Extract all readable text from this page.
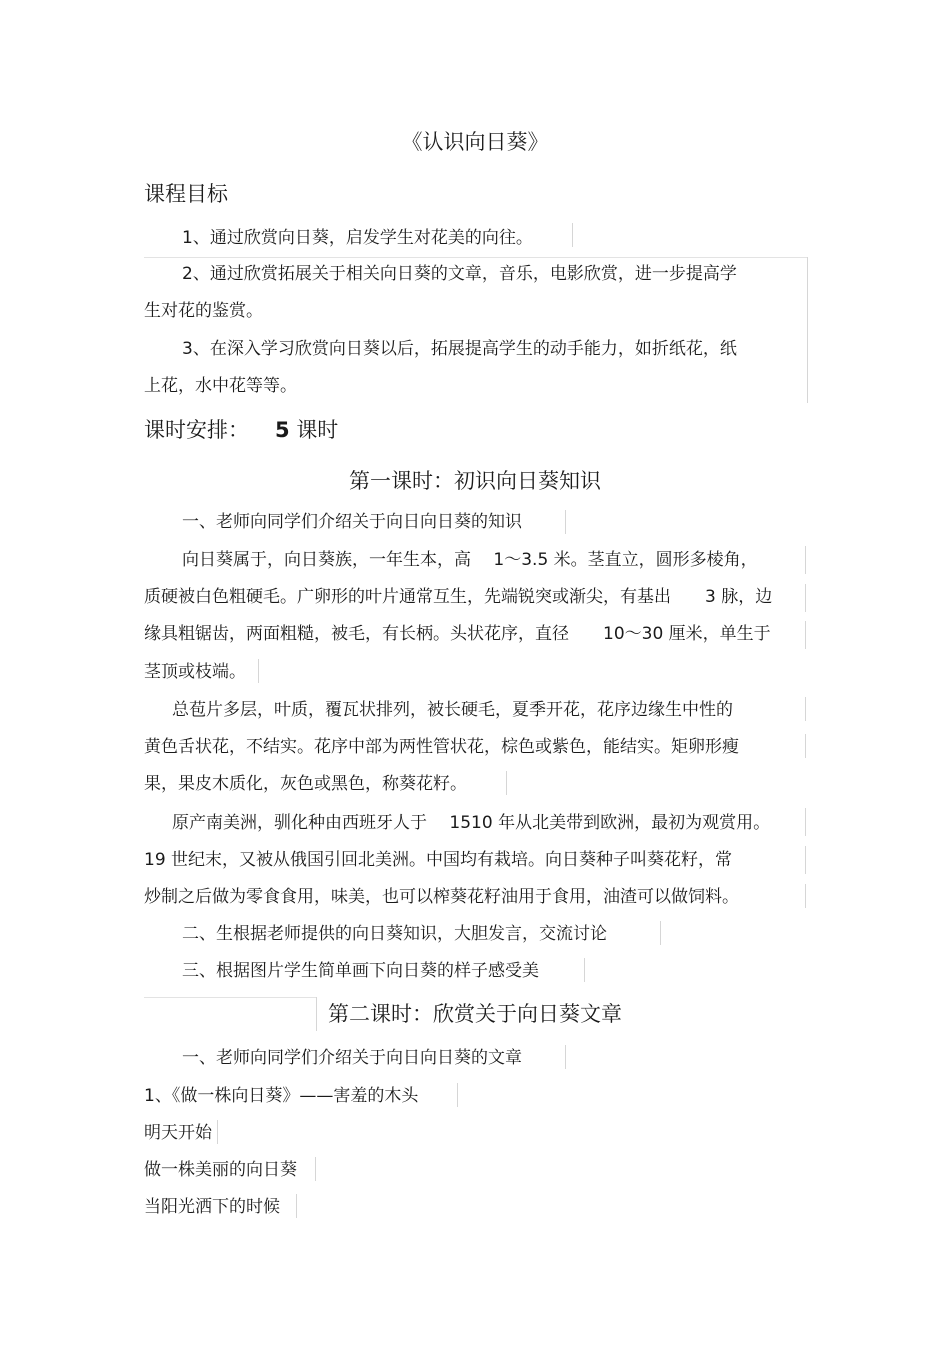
《认识向日葵》
课程目标
1、通过欣赏向日葵，启发学生对花美的向往。
2、通过欣赏拓展关于相关向日葵的文章，音乐，电影欣赏，进一步提高学
生对花的鉴赏。
3、在深入学习欣赏向日葵以后，拓展提高学生的动手能力，如折纸花，纸
上花，水中花等等。
课时安排： 5 课时
第一课时：初识向日葵知识
一、老师向同学们介绍关于向日向日葵的知识
向日葵属于，向日葵族，一年生本，高　 1～3.5 米。茎直立，圆形多棱角，
质硬被白色粗硬毛。广卵形的叶片通常互生，先端锐突或渐尖，有基出　　3 脉，边
缘具粗锯齿，两面粗糙，被毛，有长柄。头状花序，直径　　10～30 厘米，单生于
茎顶或枝端。
总苞片多层，叶质，覆瓦状排列，被长硬毛，夏季开花，花序边缘生中性的
黄色舌状花，不结实。花序中部为两性管状花，棕色或紫色，能结实。矩卵形瘦
果，果皮木质化，灰色或黑色，称葵花籽。
原产南美洲，驯化种由西班牙人于　 1510 年从北美带到欧洲，最初为观赏用。
19 世纪末，又被从俄国引回北美洲。中国均有栽培。向日葵种子叫葵花籽，常
炒制之后做为零食食用，味美，也可以榨葵花籽油用于食用，油渣可以做饲料。
二、生根据老师提供的向日葵知识，大胆发言，交流讨论
三、根据图片学生简单画下向日葵的样子感受美
第二课时：欣赏关于向日葵文章
一、老师向同学们介绍关于向日向日葵的文章
1、《做一株向日葵》——害羞的木头
明天开始
做一株美丽的向日葵
当阳光洒下的时候
